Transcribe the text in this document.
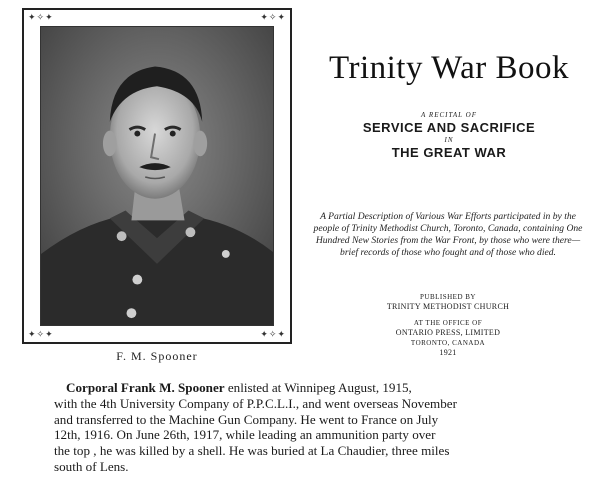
✦✧✦	✦✧✦
✦✧✦	✦✧✦
F. M. Spooner
Trinity War Book
A RECITAL OF
SERVICE AND SACRIFICE
IN
THE GREAT WAR
A Partial Description of Various War Efforts participated in by the people of Trinity Methodist Church, Toronto, Canada, containing One Hundred New Stories from the War Front, by those who were there—brief records of those who fought and of those who died.
PUBLISHED BY
TRINITY METHODIST CHURCH
AT THE OFFICE OF
ONTARIO PRESS, LIMITED
TORONTO, CANADA
1921
Corporal Frank M. Spooner enlisted at Winnipeg August, 1915,
with the 4th University Company of P.P.C.L.I., and went overseas November
and transferred to the Machine Gun Company. He went to France on July
12th, 1916. On June 26th, 1917, while leading an ammunition party over
the top , he was killed by a shell. He was buried at La Chaudier, three miles
south of Lens.
